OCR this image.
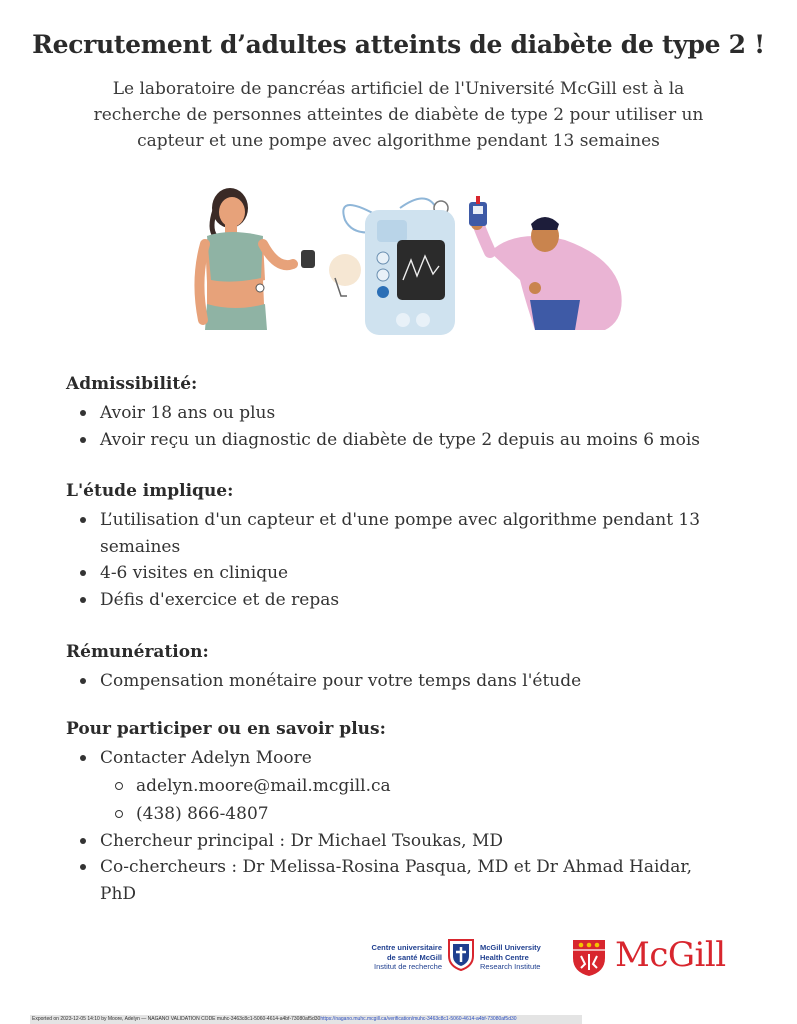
Recrutement d’adultes atteints de diabète de type 2 !
Le laboratoire de pancréas artificiel de l'Université McGill est à la recherche de personnes atteintes de diabète de type 2 pour utiliser un capteur et une pompe avec algorithme pendant 13 semaines
Admissibilité:
Avoir 18 ans ou plus
Avoir reçu un diagnostic de diabète de type 2 depuis au moins 6 mois
L'étude implique:
L’utilisation d'un capteur et d'une pompe avec algorithme pendant 13 semaines
4-6 visites en clinique
Défis d'exercice et de repas
Rémunération:
Compensation monétaire pour votre temps dans l'étude
Pour participer ou en savoir plus:
Contacter Adelyn Moore
adelyn.moore@mail.mcgill.ca
(438) 866-4807
Chercheur principal : Dr Michael Tsoukas, MD
Co-chercheurs : Dr Melissa-Rosina Pasqua, MD et Dr Ahmad Haidar, PhD
Centre universitaire
de santé McGill
Institut de recherche
McGill University
Health Centre
Research Institute	McGill
Exported on 2023-12-05 14:10 by Moore, Adelyn — NAGANO VALIDATION CODE muhc-3463c8c1-5060-4614-a4bf-73080af5d30https://nagano.muhc.mcgill.ca/verification/muhc-3463c8c1-5060-4614-a4bf-73080af5d30
